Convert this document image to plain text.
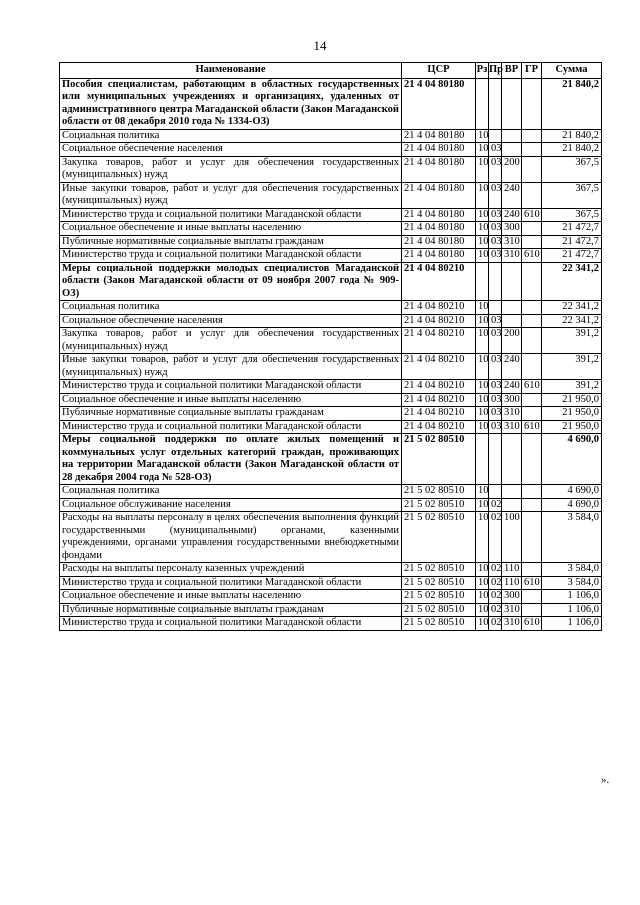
14
Наименование	ЦСР	Рз	Пр	ВР	ГР	Сумма
Пособия специалистам, работающим в областных государственных или муниципальных учреждениях и организациях, удаленных от административного центра Магаданской области (Закон Магаданской области от 08 декабря 2010 года № 1334-ОЗ)	21 4 04 80180					21 840,2
Социальная политика	21 4 04 80180	10				21 840,2
Социальное обеспечение населения	21 4 04 80180	10	03			21 840,2
Закупка товаров, работ и услуг для обеспечения государственных (муниципальных) нужд	21 4 04 80180	10	03	200		367,5
Иные закупки товаров, работ и услуг для обеспечения государственных (муниципальных) нужд	21 4 04 80180	10	03	240		367,5
Министерство труда и социальной политики Магаданской области	21 4 04 80180	10	03	240	610	367,5
Социальное обеспечение и иные выплаты населению	21 4 04 80180	10	03	300		21 472,7
Публичные нормативные социальные выплаты гражданам	21 4 04 80180	10	03	310		21 472,7
Министерство труда и социальной политики Магаданской области	21 4 04 80180	10	03	310	610	21 472,7
Меры социальной поддержки молодых специалистов Магаданской области (Закон Магаданской области от 09 ноября 2007 года № 909-ОЗ)	21 4 04 80210					22 341,2
Социальная политика	21 4 04 80210	10				22 341,2
Социальное обеспечение населения	21 4 04 80210	10	03			22 341,2
Закупка товаров, работ и услуг для обеспечения государственных (муниципальных) нужд	21 4 04 80210	10	03	200		391,2
Иные закупки товаров, работ и услуг для обеспечения государственных (муниципальных) нужд	21 4 04 80210	10	03	240		391,2
Министерство труда и социальной политики Магаданской области	21 4 04 80210	10	03	240	610	391,2
Социальное обеспечение и иные выплаты населению	21 4 04 80210	10	03	300		21 950,0
Публичные нормативные социальные выплаты гражданам	21 4 04 80210	10	03	310		21 950,0
Министерство труда и социальной политики Магаданской области	21 4 04 80210	10	03	310	610	21 950,0
Меры социальной поддержки по оплате жилых помещений и коммунальных услуг отдельных категорий граждан, проживающих на территории Магаданской области (Закон Магаданской области от 28 декабря 2004 года № 528-ОЗ)	21 5 02 80510					4 690,0
Социальная политика	21 5 02 80510	10				4 690,0
Социальное обслуживание населения	21 5 02 80510	10	02			4 690,0
Расходы на выплаты персоналу в целях обеспечения выполнения функций государственными (муниципальными) органами, казенными учреждениями, органами управления государственными внебюджетными фондами	21 5 02 80510	10	02	100		3 584,0
Расходы на выплаты персоналу казенных учреждений	21 5 02 80510	10	02	110		3 584,0
Министерство труда и социальной политики Магаданской области	21 5 02 80510	10	02	110	610	3 584,0
Социальное обеспечение и иные выплаты населению	21 5 02 80510	10	02	300		1 106,0
Публичные нормативные социальные выплаты гражданам	21 5 02 80510	10	02	310		1 106,0
Министерство труда и социальной политики Магаданской области	21 5 02 80510	10	02	310	610	1 106,0
».
